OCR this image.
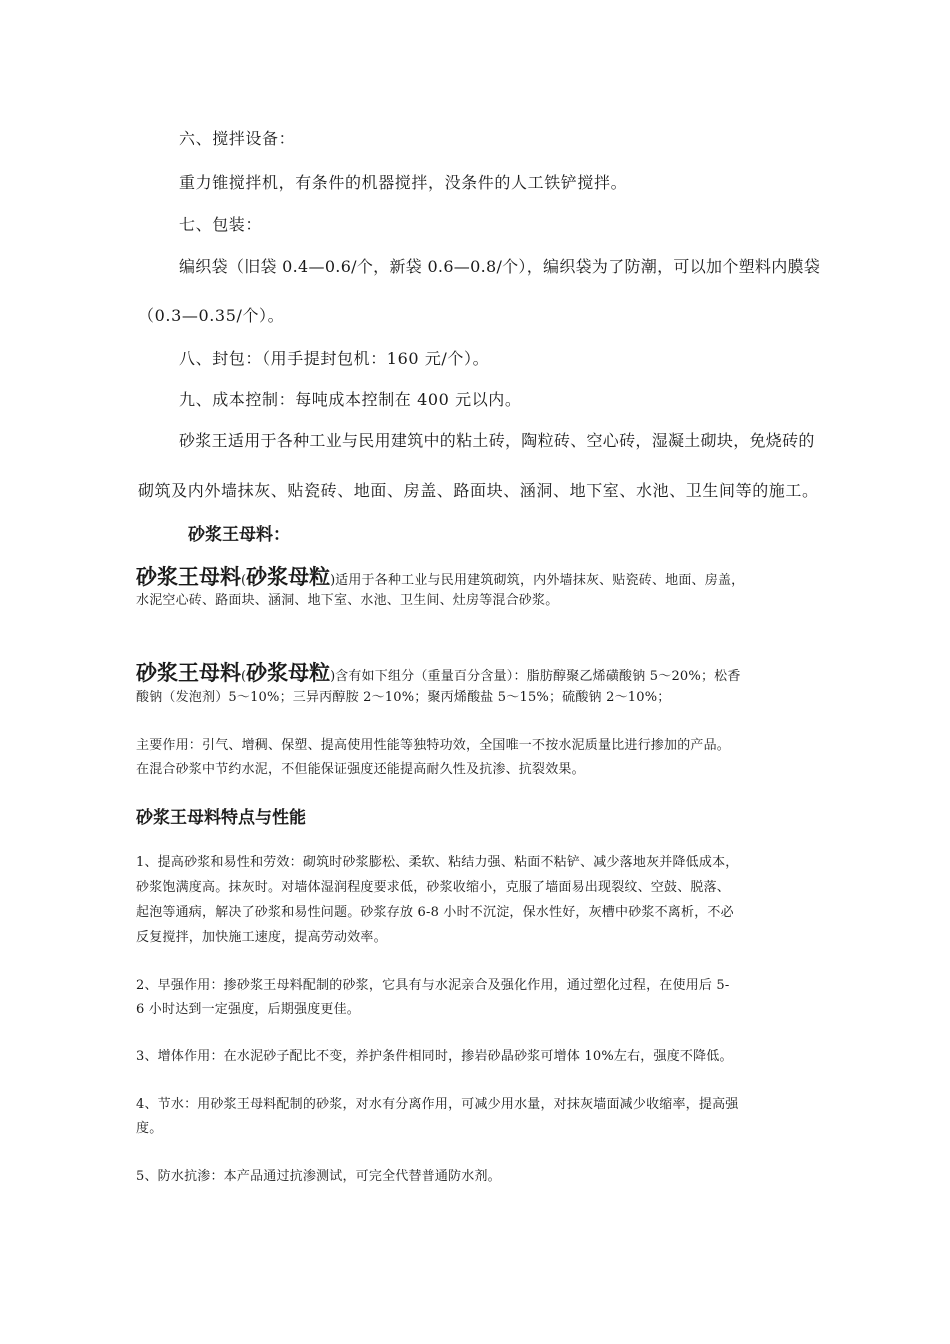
六、搅拌设备：
重力锥搅拌机，有条件的机器搅拌，没条件的人工铁铲搅拌。
七、包装：
编织袋（旧袋 0.4—0.6/个，新袋 0.6—0.8/个），编织袋为了防潮，可以加个塑料内膜袋
（0.3—0.35/个）。
八、封包：（用手提封包机：160 元/个）。
九、成本控制：每吨成本控制在 400 元以内。
砂浆王适用于各种工业与民用建筑中的粘土砖，陶粒砖、空心砖，湿凝土砌块，免烧砖的
砌筑及内外墙抹灰、贴瓷砖、地面、房盖、路面块、涵洞、地下室、水池、卫生间等的施工。
砂浆王母料：
砂浆王母料(砂浆母粒)适用于各种工业与民用建筑砌筑，内外墙抹灰、贴瓷砖、地面、房盖，
水泥空心砖、路面块、涵洞、地下室、水池、卫生间、灶房等混合砂浆。
砂浆王母料(砂浆母粒)含有如下组分（重量百分含量）：脂肪醇聚乙烯磺酸钠 5～20%；松香
酸钠（发泡剂）5～10%；三异丙醇胺 2～10%；聚丙烯酸盐 5～15%；硫酸钠 2～10%；
主要作用：引气、增稠、保塑、提高使用性能等独特功效，全国唯一不按水泥质量比进行掺加的产品。
在混合砂浆中节约水泥，不但能保证强度还能提高耐久性及抗渗、抗裂效果。
砂浆王母料特点与性能
1、提高砂浆和易性和劳效：砌筑时砂浆膨松、柔软、粘结力强、粘面不粘铲、减少落地灰并降低成本，
砂浆饱满度高。抹灰时。对墙体湿润程度要求低，砂浆收缩小，克服了墙面易出现裂纹、空鼓、脱落、
起泡等通病，解决了砂浆和易性问题。砂浆存放 6-8 小时不沉淀，保水性好，灰槽中砂浆不离析，不必
反复搅拌，加快施工速度，提高劳动效率。
2、早强作用：掺砂浆王母料配制的砂浆，它具有与水泥亲合及强化作用，通过塑化过程，在使用后 5-
6 小时达到一定强度，后期强度更佳。
3、增体作用：在水泥砂子配比不变，养护条件相同时，掺岩砂晶砂浆可增体 10%左右，强度不降低。
4、节水：用砂浆王母料配制的砂浆，对水有分离作用，可减少用水量，对抹灰墙面减少收缩率，提高强
度。
5、防水抗渗：本产品通过抗渗测试，可完全代替普通防水剂。
